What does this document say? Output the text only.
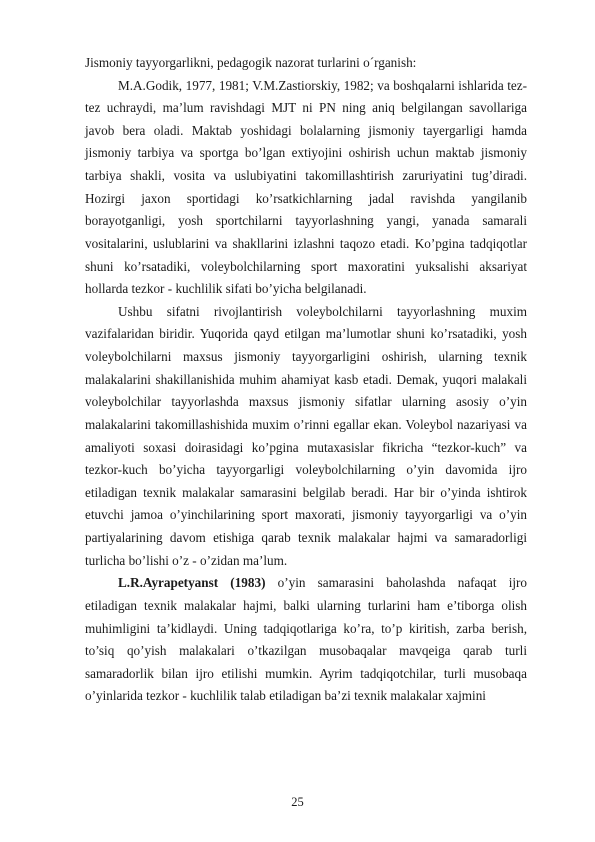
Jismoniy tayyorgarlikni, pedagogik nazorat turlarini o´rganish:

M.A.Godik, 1977, 1981; V.M.Zastiorskiy, 1982; va boshqalarni ishlarida tez-tez uchraydi, ma’lum ravishdagi MJT ni PN ning aniq belgilangan savollariga javob bera oladi. Maktab yoshidagi bolalarning jismoniy tayergarligi hamda jismoniy tarbiya va sportga bo’lgan extiyojini oshirish uchun maktab jismoniy tarbiya shakli, vosita va uslubiyatini takomillashtirish zaruriyatini tug’diradi. Hozirgi jaxon sportidagi ko’rsatkichlarning jadal ravishda yangilanib borayotganligi, yosh sportchilarni tayyorlashning yangi, yanada samarali vositalarini, uslublarini va shakllarini izlashni taqozo etadi. Ko’pgina tadqiqotlar shuni ko’rsatadiki, voleybolchilarning sport maxoratini yuksalishi aksariyat hollarda tezkor - kuchlilik sifati bo’yicha belgilanadi.

Ushbu sifatni rivojlantirish voleybolchilarni tayyorlashning muxim vazifalaridan biridir. Yuqorida qayd etilgan ma’lumotlar shuni ko’rsatadiki, yosh voleybolchilarni maxsus jismoniy tayyorgarligini oshirish, ularning texnik malakalarini shakillanishida muhim ahamiyat kasb etadi. Demak, yuqori malakali voleybolchilar tayyorlashda maxsus jismoniy sifatlar ularning asosiy o’yin malakalarini takomillashishida muxim o’rinni egallar ekan. Voleybol nazariyasi va amaliyoti soxasi doirasidagi ko’pgina mutaxasislar fikricha “tezkor-kuch” va tezkor-kuch bo’yicha tayyorgarligi voleybolchilarning o’yin davomida ijro etiladigan texnik malakalar samarasini belgilab beradi. Har bir o’yinda ishtirok etuvchi jamoa o’yinchilarining sport maxorati, jismoniy tayyorgarligi va o’yin partiyalarining davom etishiga qarab texnik malakalar hajmi va samaradorligi turlicha bo’lishi o’z - o’zidan ma’lum.

L.R.Ayrapetyanst (1983) o’yin samarasini baholashda nafaqat ijro etiladigan texnik malakalar hajmi, balki ularning turlarini ham e’tiborga olish muhimligini ta’kidlaydi. Uning tadqiqotlariga ko’ra, to’p kiritish, zarba berish, to’siq qo’yish malakalari o’tkazilgan musobaqalar mavqeiga qarab turli samaradorlik bilan ijro etilishi mumkin. Ayrim tadqiqotchilar, turli musobaqa o’yinlarida tezkor - kuchlilik talab etiladigan ba’zi texnik malakalar xajmini

25
